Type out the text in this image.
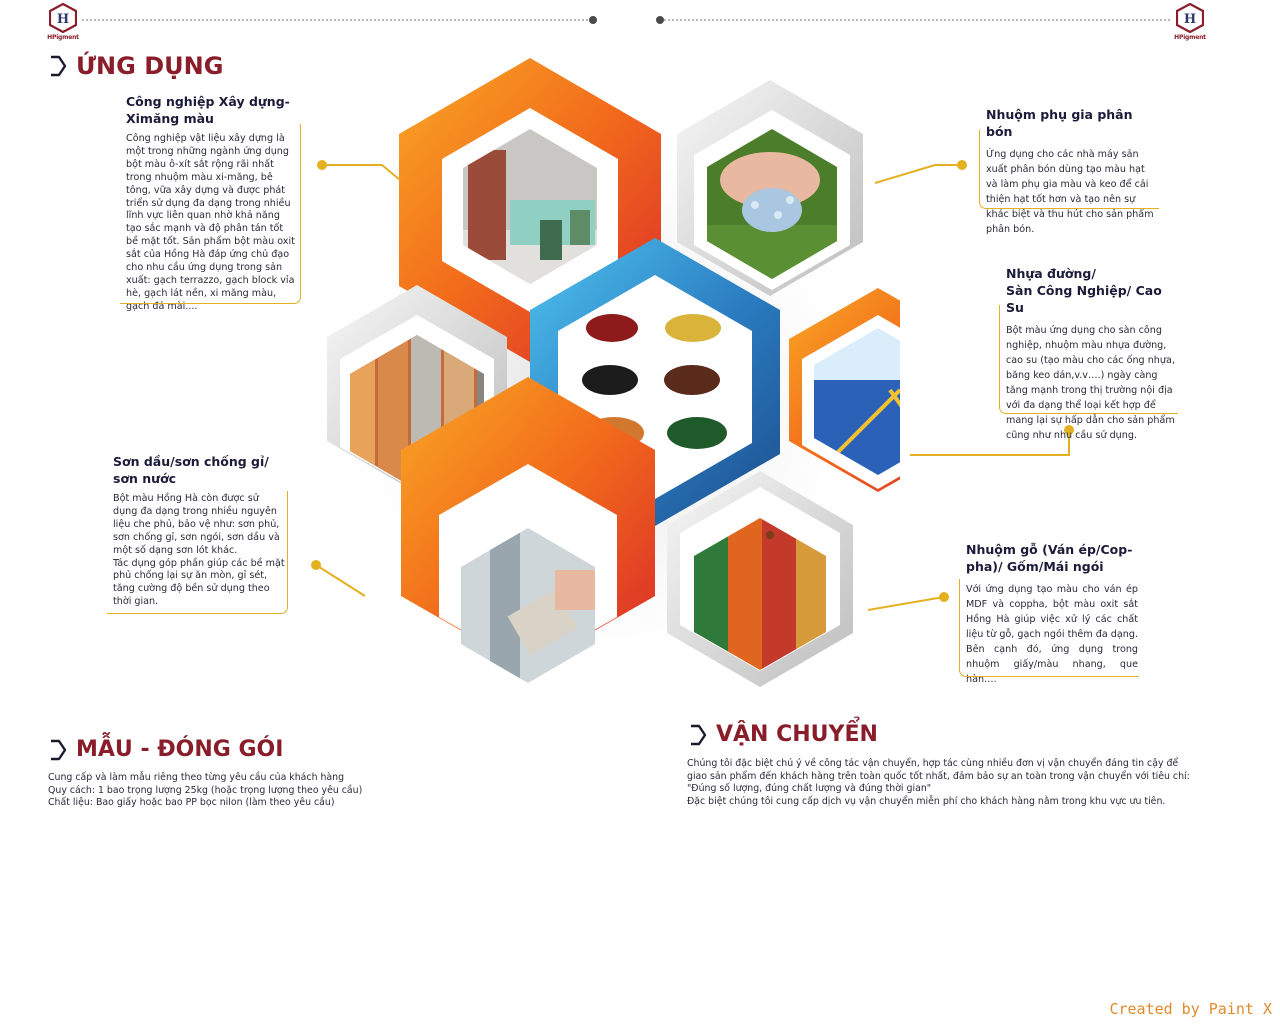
H
HPigment
H
HPigment
ỨNG DỤNG
Công nghiệp Xây dựng-
Ximăng màu
Công nghiệp vật liệu xây dựng là một trong những ngành ứng dụng bột màu ô-xít sắt rộng rãi nhất trong nhuộm màu xi-măng, bê tông, vữa xây dựng và được phát triển sử dụng đa dạng trong nhiều lĩnh vực liên quan nhờ khả năng tạo sắc mạnh và độ phân tán tốt bề mặt tốt. Sản phẩm bột màu oxit sắt của Hồng Hà đáp ứng chủ đạo cho nhu cầu ứng dụng trong sản xuất: gạch terrazzo, gạch block vỉa hè, gạch lát nền, xi măng màu, gạch đá mài....
Nhuộm phụ gia phân bón
Ứng dụng cho các nhà máy sản xuất phân bón dùng tạo màu hạt và làm phụ gia màu và keo để cải thiện hạt tốt hơn và tạo nên sự khác biệt và thu hút cho sản phẩm phân bón.
Nhựa đường/
Sàn Công Nghiệp/ Cao Su
Bột màu ứng dụng cho sàn công nghiệp, nhuộm màu nhựa đường, cao su (tạo màu cho các ống nhựa, băng keo dán,v.v….) ngày càng tăng mạnh trong thị trường nội địa với đa dạng thể loại kết hợp để mang lại sự hấp dẫn cho sản phẩm cũng như nhu cầu sử dụng.
Sơn dầu/sơn chống gỉ/
sơn nước
Bột màu Hồng Hà còn được sử dụng đa dạng trong nhiều nguyên liệu che phủ, bảo vệ như: sơn phủ, sơn chống gỉ, sơn ngói, sơn dầu và một số dạng sơn lót khác.
Tác dụng góp phần giúp các bề mặt phủ chống lại sự ăn mòn, gỉ sét, tăng cường độ bền sử dụng theo thời gian.
Nhuộm gỗ (Ván ép/Cop-
pha)/ Gốm/Mái ngói
Với ứng dụng tạo màu cho ván ép MDF và coppha, bột màu oxit sắt Hồng Hà giúp việc xử lý các chất liệu từ gỗ, gạch ngói thêm đa dạng. Bên cạnh đó, ứng dụng trong nhuộm giấy/màu nhang, que hàn….
MẪU - ĐÓNG GÓI
Cung cấp và làm mẫu riêng theo từng yêu cầu của khách hàng
Quy cách: 1 bao trọng lượng 25kg (hoặc trọng lượng theo yêu cầu)
Chất liệu: Bao giấy hoặc bao PP bọc nilon (làm theo yêu cầu)
VẬN CHUYỂN
Chúng tôi đặc biệt chú ý về công tác vận chuyển, hợp tác cùng nhiều đơn vị vận chuyển đáng tin cậy để giao sản phẩm đến khách hàng trên toàn quốc tốt nhất, đảm bảo sự an toàn trong vận chuyển với tiêu chí: "Đúng số lượng, đúng chất lượng và đúng thời gian"
Đặc biệt chúng tôi cung cấp dịch vụ vận chuyển miễn phí cho khách hàng nằm trong khu vực ưu tiên.
Created by Paint X
